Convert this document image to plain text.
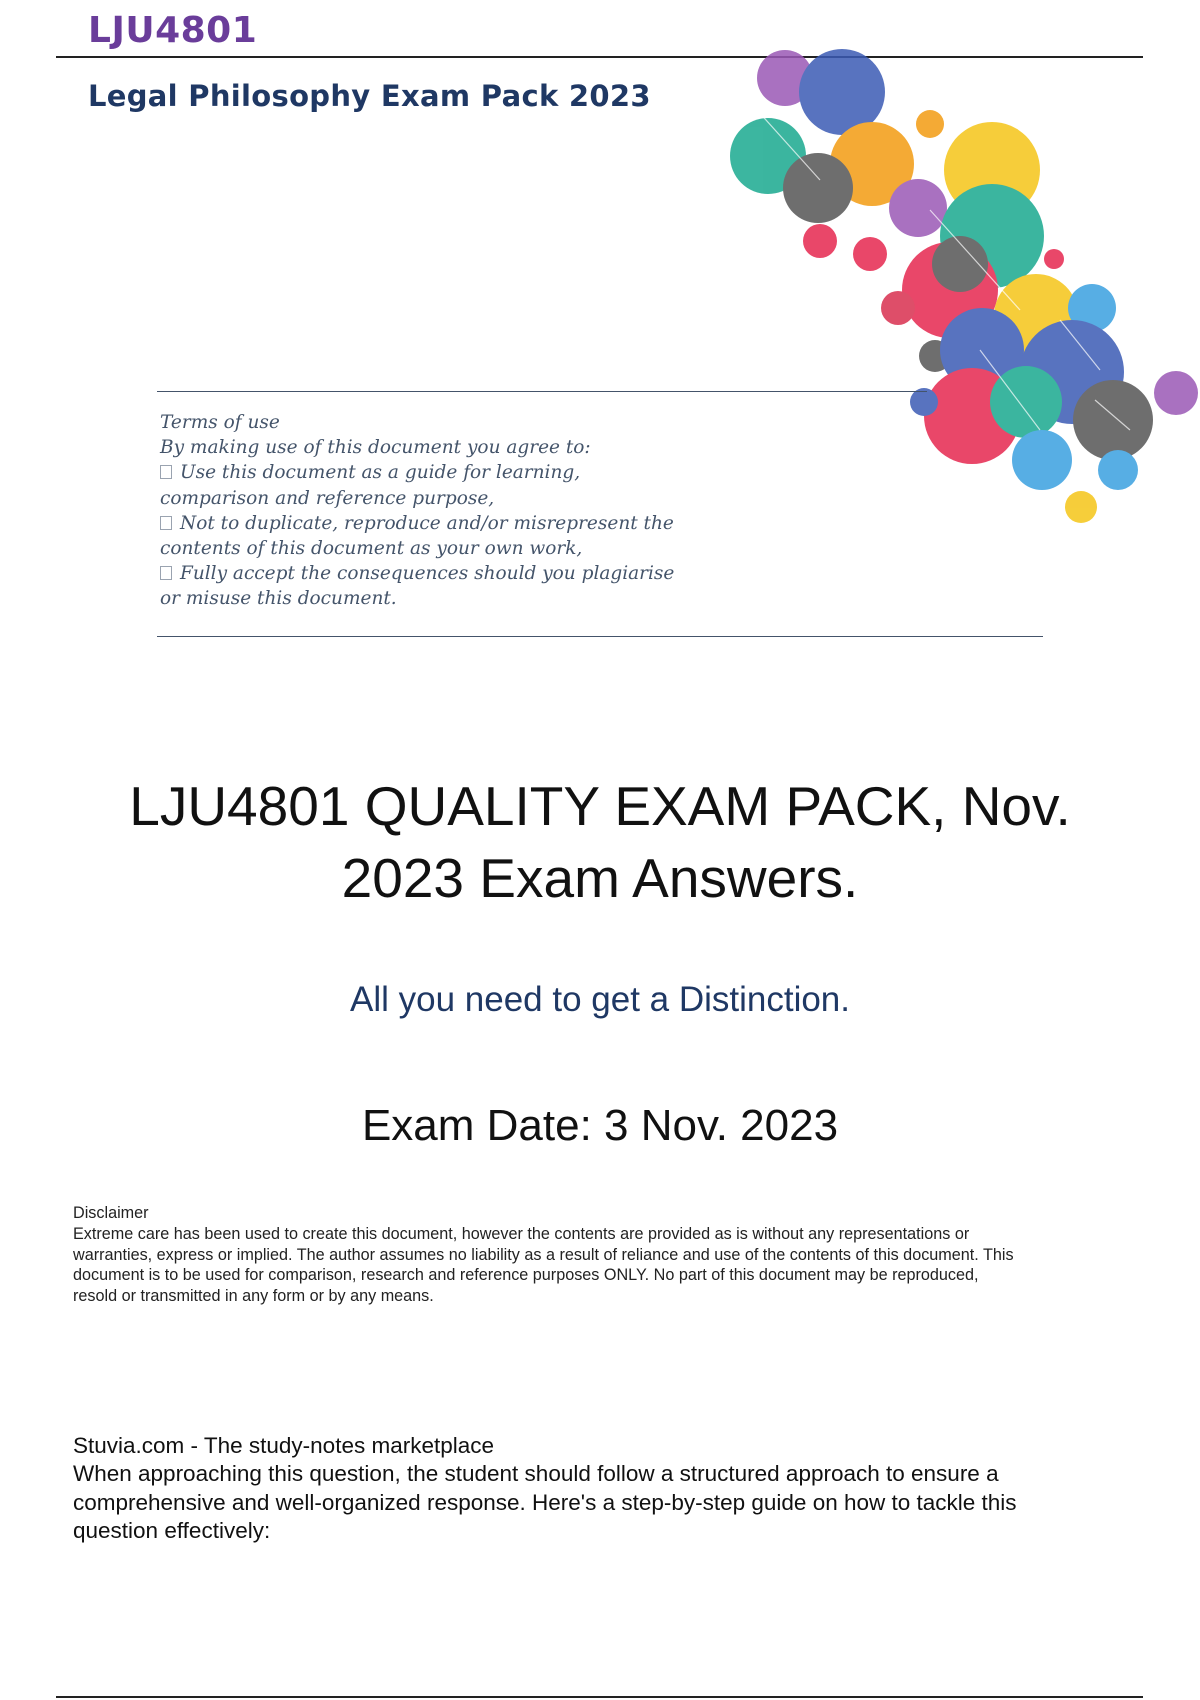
LJU4801
Legal Philosophy Exam Pack 2023
Terms of use
By making use of this document you agree to:
Use this document as a guide for learning,
comparison and reference purpose,
Not to duplicate, reproduce and/or misrepresent the
contents of this document as your own work,
Fully accept the consequences should you plagiarise
or misuse this document.
LJU4801 QUALITY EXAM PACK, Nov.
2023 Exam Answers.
All you need to get a Distinction.
Exam Date: 3 Nov. 2023
Disclaimer
Extreme care has been used to create this document, however the contents are provided as is without any representations or
warranties, express or implied. The author assumes no liability as a result of reliance and use of the contents of this document. This
document is to be used for comparison, research and reference purposes ONLY. No part of this document may be reproduced,
resold or transmitted in any form or by any means.
Stuvia.com - The study-notes marketplace
When approaching this question, the student should follow a structured approach to ensure a
comprehensive and well-organized response. Here's a step-by-step guide on how to tackle this
question effectively:
